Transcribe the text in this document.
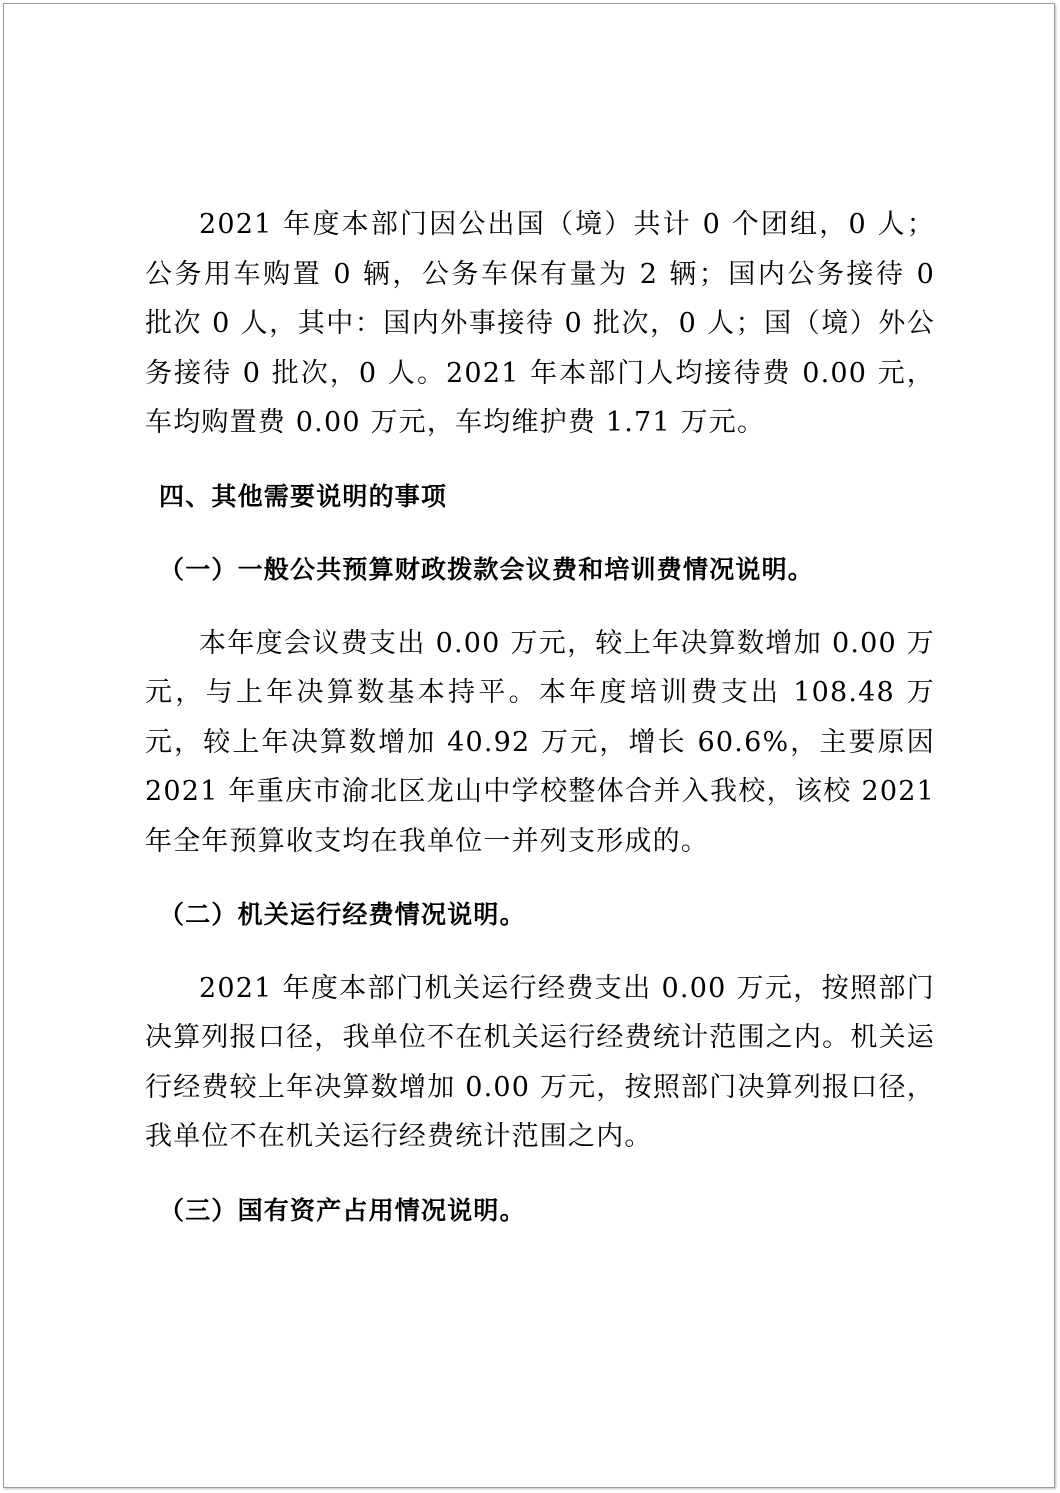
2021 年度本部门因公出国（境）共计 0 个团组，0 人；公务用车购置 0 辆，公务车保有量为 2 辆；国内公务接待 0 批次 0 人，其中：国内外事接待 0 批次，0 人；国（境）外公务接待 0 批次，0 人。2021 年本部门人均接待费 0.00 元，车均购置费 0.00 万元，车均维护费 1.71 万元。

四、其他需要说明的事项

（一）一般公共预算财政拨款会议费和培训费情况说明。

本年度会议费支出 0.00 万元，较上年决算数增加 0.00 万元，与上年决算数基本持平。本年度培训费支出 108.48 万元，较上年决算数增加 40.92 万元，增长 60.6%，主要原因 2021 年重庆市渝北区龙山中学校整体合并入我校，该校 2021 年全年预算收支均在我单位一并列支形成的。

（二）机关运行经费情况说明。

2021 年度本部门机关运行经费支出 0.00 万元，按照部门决算列报口径，我单位不在机关运行经费统计范围之内。机关运行经费较上年决算数增加 0.00 万元，按照部门决算列报口径，我单位不在机关运行经费统计范围之内。

（三）国有资产占用情况说明。
